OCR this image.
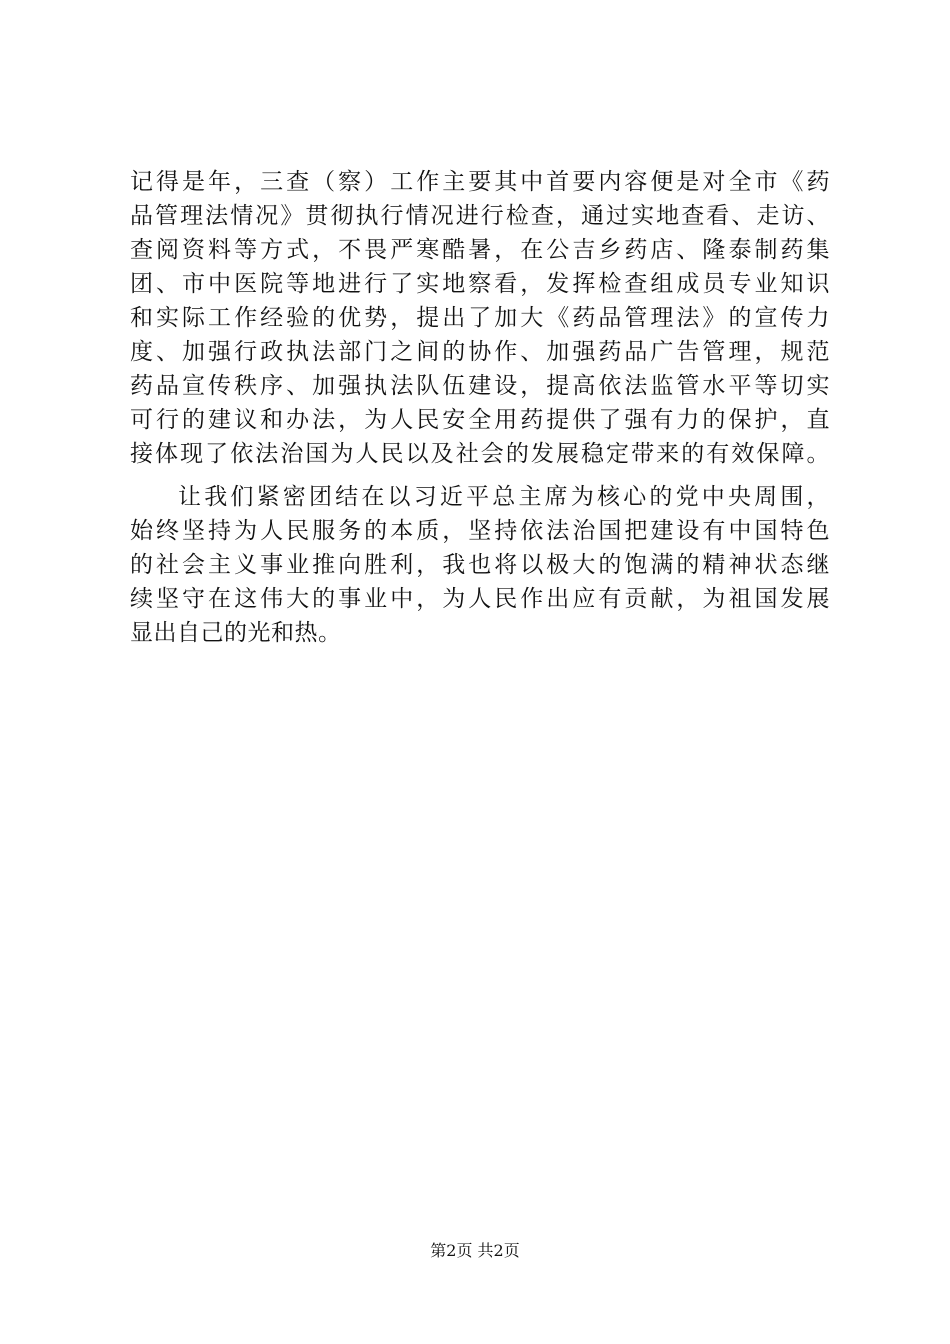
记得是年，三查（察）工作主要其中首要内容便是对全市《药
品管理法情况》贯彻执行情况进行检查，通过实地查看、走访、
查阅资料等方式，不畏严寒酷暑，在公吉乡药店、隆泰制药集
团、市中医院等地进行了实地察看，发挥检查组成员专业知识
和实际工作经验的优势，提出了加大《药品管理法》的宣传力
度、加强行政执法部门之间的协作、加强药品广告管理，规范
药品宣传秩序、加强执法队伍建设，提高依法监管水平等切实
可行的建议和办法，为人民安全用药提供了强有力的保护，直
接体现了依法治国为人民以及社会的发展稳定带来的有效保障。
让我们紧密团结在以习近平总主席为核心的党中央周围，
始终坚持为人民服务的本质，坚持依法治国把建设有中国特色
的社会主义事业推向胜利，我也将以极大的饱满的精神状态继
续坚守在这伟大的事业中，为人民作出应有贡献，为祖国发展
显出自己的光和热。
第2页 共2页
